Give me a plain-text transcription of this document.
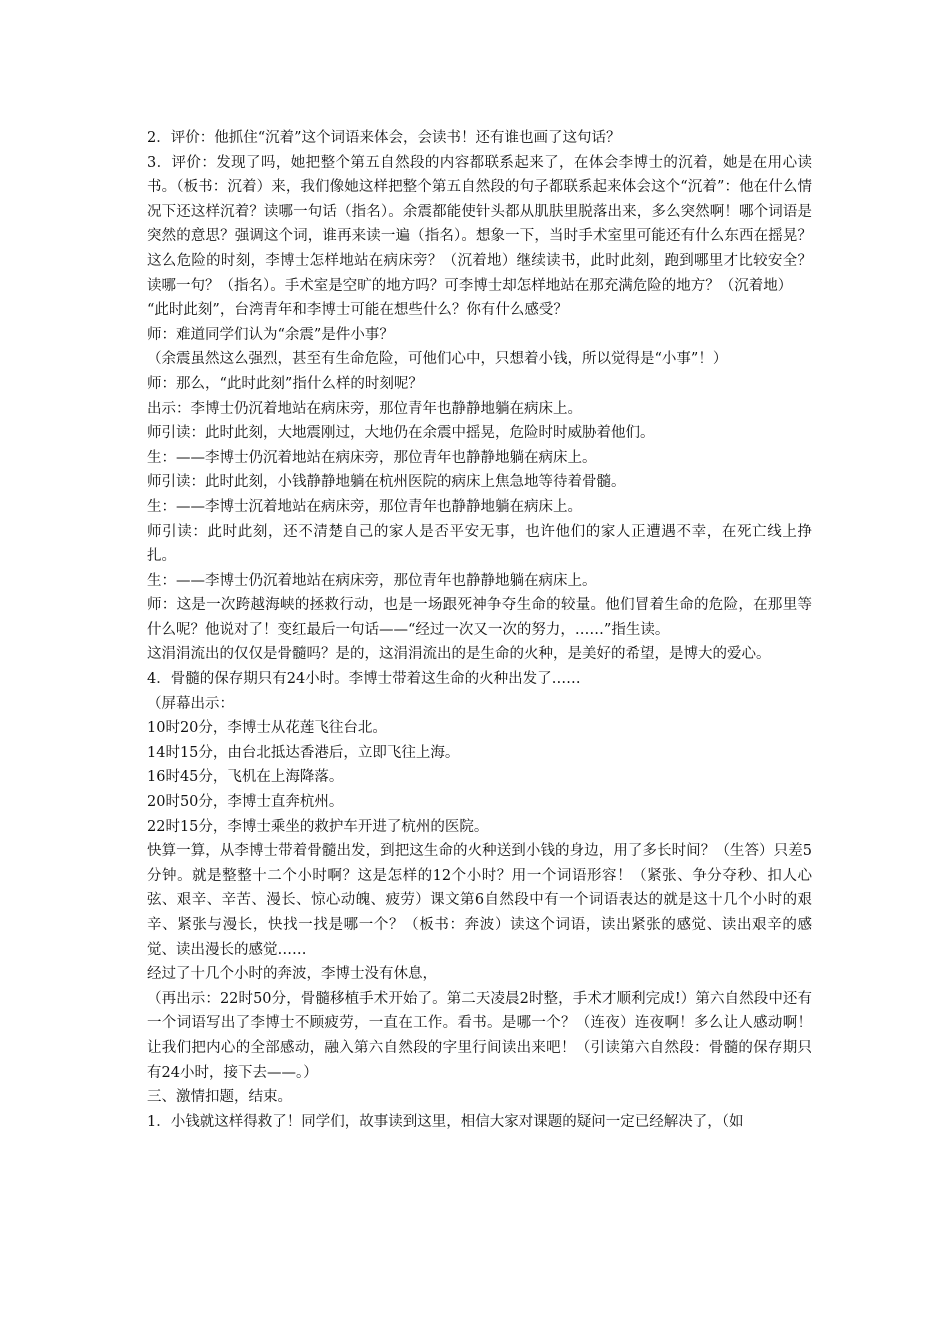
2．评价：他抓住“沉着”这个词语来体会，会读书！还有谁也画了这句话？

3．评价：发现了吗，她把整个第五自然段的内容都联系起来了，在体会李博士的沉着，她是在用心读书。（板书：沉着）来，我们像她这样把整个第五自然段的句子都联系起来体会这个“沉着”：他在什么情况下还这样沉着？读哪一句话（指名）。余震都能使针头都从肌肤里脱落出来，多么突然啊！哪个词语是突然的意思？强调这个词，谁再来读一遍（指名）。想象一下，当时手术室里可能还有什么东西在摇晃？这么危险的时刻，李博士怎样地站在病床旁？（沉着地）继续读书，此时此刻，跑到哪里才比较安全？读哪一句？（指名）。手术室是空旷的地方吗？可李博士却怎样地站在那充满危险的地方？（沉着地）

“此时此刻”，台湾青年和李博士可能在想些什么？你有什么感受？

师：难道同学们认为“余震”是件小事？

（余震虽然这么强烈，甚至有生命危险，可他们心中，只想着小钱，所以觉得是“小事”！）

师：那么，“此时此刻”指什么样的时刻呢？

出示：李博士仍沉着地站在病床旁，那位青年也静静地躺在病床上。

师引读：此时此刻，大地震刚过，大地仍在余震中摇晃，危险时时威胁着他们。

生：——李博士仍沉着地站在病床旁，那位青年也静静地躺在病床上。

师引读：此时此刻，小钱静静地躺在杭州医院的病床上焦急地等待着骨髓。

生：——李博士沉着地站在病床旁，那位青年也静静地躺在病床上。

师引读：此时此刻，还不清楚自己的家人是否平安无事，也许他们的家人正遭遇不幸，在死亡线上挣扎。

生：——李博士仍沉着地站在病床旁，那位青年也静静地躺在病床上。

师：这是一次跨越海峡的拯救行动，也是一场跟死神争夺生命的较量。他们冒着生命的危险，在那里等什么呢？他说对了！变红最后一句话——“经过一次又一次的努力，……”指生读。

这涓涓流出的仅仅是骨髓吗？是的，这涓涓流出的是生命的火种，是美好的希望，是博大的爱心。

4．骨髓的保存期只有24小时。李博士带着这生命的火种出发了……

（屏幕出示：

10时20分，李博士从花莲飞往台北。

14时15分，由台北抵达香港后，立即飞往上海。

16时45分，飞机在上海降落。

20时50分，李博士直奔杭州。

22时15分，李博士乘坐的救护车开进了杭州的医院。

快算一算，从李博士带着骨髓出发，到把这生命的火种送到小钱的身边，用了多长时间？（生答）只差5分钟。就是整整十二个小时啊？这是怎样的12个小时？用一个词语形容！（紧张、争分夺秒、扣人心弦、艰辛、辛苦、漫长、惊心动魄、疲劳）课文第6自然段中有一个词语表达的就是这十几个小时的艰辛、紧张与漫长，快找一找是哪一个？（板书：奔波）读这个词语，读出紧张的感觉、读出艰辛的感觉、读出漫长的感觉……

经过了十几个小时的奔波，李博士没有休息，

（再出示：22时50分，骨髓移植手术开始了。第二天凌晨2时整，手术才顺利完成!）第六自然段中还有一个词语写出了李博士不顾疲劳，一直在工作。看书。是哪一个？（连夜）连夜啊！多么让人感动啊！让我们把内心的全部感动，融入第六自然段的字里行间读出来吧！（引读第六自然段：骨髓的保存期只有24小时，接下去——。）

三、激情扣题，结束。

1．小钱就这样得救了！同学们，故事读到这里，相信大家对课题的疑问一定已经解决了，（如
